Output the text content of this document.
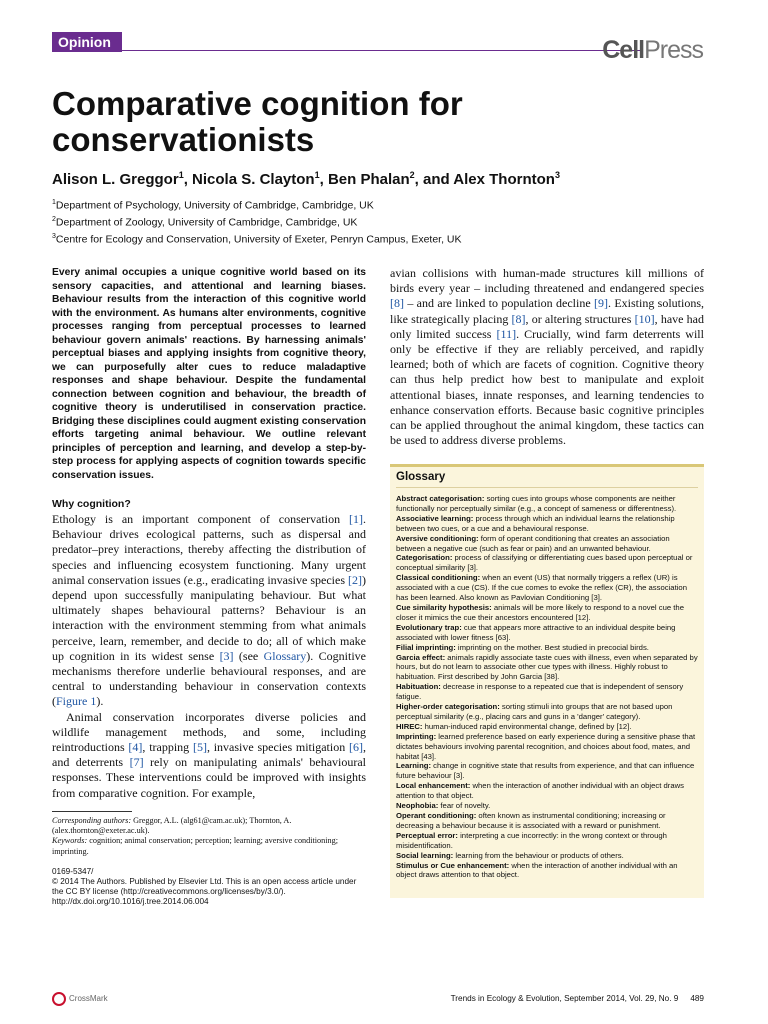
Opinion	CellPress
Comparative cognition for conservationists
Alison L. Greggor$^1$, Nicola S. Clayton$^1$, Ben Phalan$^2$, and Alex Thornton$^3$
$^1$Department of Psychology, University of Cambridge, Cambridge, UK
$^2$Department of Zoology, University of Cambridge, Cambridge, UK
$^3$Centre for Ecology and Conservation, University of Exeter, Penryn Campus, Exeter, UK

Every animal occupies a unique cognitive world based on its sensory capacities, and attentional and learning biases. Behaviour results from the interaction of this cognitive world with the environment. As humans alter environments, cognitive processes ranging from perceptual processes to learned behaviour govern animals' reactions. By harnessing animals' perceptual biases and applying insights from cognitive theory, we can purposefully alter cues to reduce maladaptive responses and shape behaviour. Despite the fundamental connection between cognition and behaviour, the breadth of cognitive theory is underutilised in conservation practice. Bridging these disciplines could augment existing conservation efforts targeting animal behaviour. We outline relevant principles of perception and learning, and develop a step-by-step process for applying aspects of cognition towards specific conservation issues.

Why cognition?

Ethology is an important component of conservation [1]. Behaviour drives ecological patterns, such as dispersal and predator–prey interactions, thereby affecting the distribution of species and influencing ecosystem functioning. Many urgent animal conservation issues (e.g., eradicating invasive species [2]) depend upon successfully manipulating behaviour. But what ultimately shapes behavioural patterns? Behaviour is an interaction with the environment stemming from what animals perceive, learn, remember, and decide to do; all of which make up cognition in its widest sense [3] (see Glossary). Cognitive mechanisms therefore underlie behavioural responses, and are central to understanding behaviour in conservation contexts (Figure 1).

Animal conservation incorporates diverse policies and wildlife management methods, and some, including reintroductions [4], trapping [5], invasive species mitigation [6], and deterrents [7] rely on manipulating animals' behavioural responses. These interventions could be improved with insights from comparative cognition. For example,

avian collisions with human-made structures kill millions of birds every year – including threatened and endangered species [8] – and are linked to population decline [9]. Existing solutions, like strategically placing [8], or altering structures [10], have had only limited success [11]. Crucially, wind farm deterrents will only be effective if they are reliably perceived, and rapidly learned; both of which are facets of cognition. Cognitive theory can thus help predict how best to manipulate and exploit attentional biases, innate responses, and learning tendencies to enhance conservation efforts. Because basic cognitive principles can be applied throughout the animal kingdom, these tactics can be used to address diverse problems.

Glossary

Abstract categorisation: sorting cues into groups whose components are neither functionally nor perceptually similar (e.g., a concept of sameness or differentness).

Associative learning: process through which an individual learns the relationship between two cues, or a cue and a behavioural response.

Aversive conditioning: form of operant conditioning that creates an association between a negative cue (such as fear or pain) and an unwanted behaviour.

Categorisation: process of classifying or differentiating cues based upon perceptual or conceptual similarity [3].

Classical conditioning: when an event (US) that normally triggers a reflex (UR) is associated with a cue (CS). If the cue comes to evoke the reflex (CR), the association has been learned. Also known as Pavlovian Conditioning [3].

Cue similarity hypothesis: animals will be more likely to respond to a novel cue the closer it mimics the cue their ancestors encountered [12].

Evolutionary trap: cue that appears more attractive to an individual despite being associated with lower fitness [63].

Filial imprinting: imprinting on the mother. Best studied in precocial birds.

Garcia effect: animals rapidly associate taste cues with illness, even when separated by hours, but do not learn to associate other cue types with illness. Highly robust to habituation. First described by John Garcia [38].

Habituation: decrease in response to a repeated cue that is independent of sensory fatigue.

Higher-order categorisation: sorting stimuli into groups that are not based upon perceptual similarity (e.g., placing cars and guns in a 'danger' category).

HIREC: human-induced rapid environmental change, defined by [12].

Imprinting: learned preference based on early experience during a sensitive phase that dictates behaviours involving parental recognition, and choices about food, mates, and habitat [43].

Learning: change in cognitive state that results from experience, and that can influence future behaviour [3].

Local enhancement: when the interaction of another individual with an object draws attention to that object.

Neophobia: fear of novelty.

Operant conditioning: often known as instrumental conditioning; increasing or decreasing a behaviour because it is associated with a reward or punishment.

Perceptual error: interpreting a cue incorrectly: in the wrong context or through misidentification.

Social learning: learning from the behaviour or products of others.

Stimulus or Cue enhancement: when the interaction of another individual with an object draws attention to that object.

Corresponding authors: Greggor, A.L. (alg61@cam.ac.uk); Thornton, A. (alex.thornton@exeter.ac.uk).
Keywords: cognition; animal conservation; perception; learning; aversive conditioning; imprinting.
0169-5347/
© 2014 The Authors. Published by Elsevier Ltd. This is an open access article under the CC BY license (http://creativecommons.org/licenses/by/3.0/). http://dx.doi.org/10.1016/j.tree.2014.06.004
CrossMark	Trends in Ecology & Evolution, September 2014, Vol. 29, No. 9 489
